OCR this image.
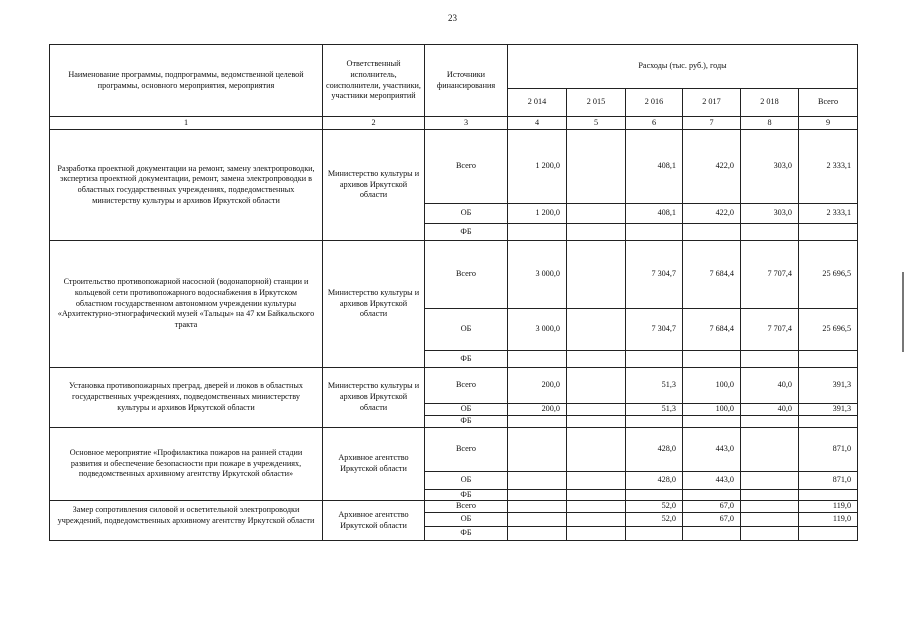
23
Наименование программы, подпрограммы, ведомственной целевой программы, основного мероприятия, мероприятия	Ответственный исполнитель, соисполнители, участники, участники мероприятий	Источники финансирования	Расходы (тыс. руб.), годы					
			2 014	2 015	2 016	2 017	2 018	Всего
1	2	3	4	5	6	7	8	9
Разработка проектной документации на ремонт, замену электропроводки, экспертиза проектной документации, ремонт, замена электропроводки в областных государственных учреждениях, подведомственных министерству культуры и архивов Иркутской области	Министерство культуры и архивов Иркутской области	Всего	1 200,0		408,1	422,0	303,0	2 333,1
		ОБ	1 200,0		408,1	422,0	303,0	2 333,1
		ФБ						
Строительство противопожарной насосной (водонапорной) станции и кольцевой сети противопожарного водоснабжения в Иркутском областном государственном автономном учреждении культуры «Архитектурно-этнографический музей «Тальцы» на 47 км Байкальского тракта	Министерство культуры и архивов Иркутской области	Всего	3 000,0		7 304,7	7 684,4	7 707,4	25 696,5
		ОБ	3 000,0		7 304,7	7 684,4	7 707,4	25 696,5
		ФБ						
Установка противопожарных преград, дверей и люков в областных государственных учреждениях, подведомственных министерству культуры и архивов Иркутской области	Министерство культуры и архивов Иркутской области	Всего	200,0		51,3	100,0	40,0	391,3
		ОБ	200,0		51,3	100,0	40,0	391,3
		ФБ						
Основное мероприятие «Профилактика пожаров на ранней стадии развития и обеспечение безопасности при пожаре в учреждениях, подведомственных архивному агентству Иркутской области»	Архивное агентство Иркутской области	Всего			428,0	443,0		871,0
		ОБ			428,0	443,0		871,0
		ФБ						
Замер сопротивления силовой и осветительной электропроводки учреждений, подведомственных архивному агентству Иркутской области	Архивное агентство Иркутской области	Всего			52,0	67,0		119,0
		ОБ			52,0	67,0		119,0
		ФБ						
